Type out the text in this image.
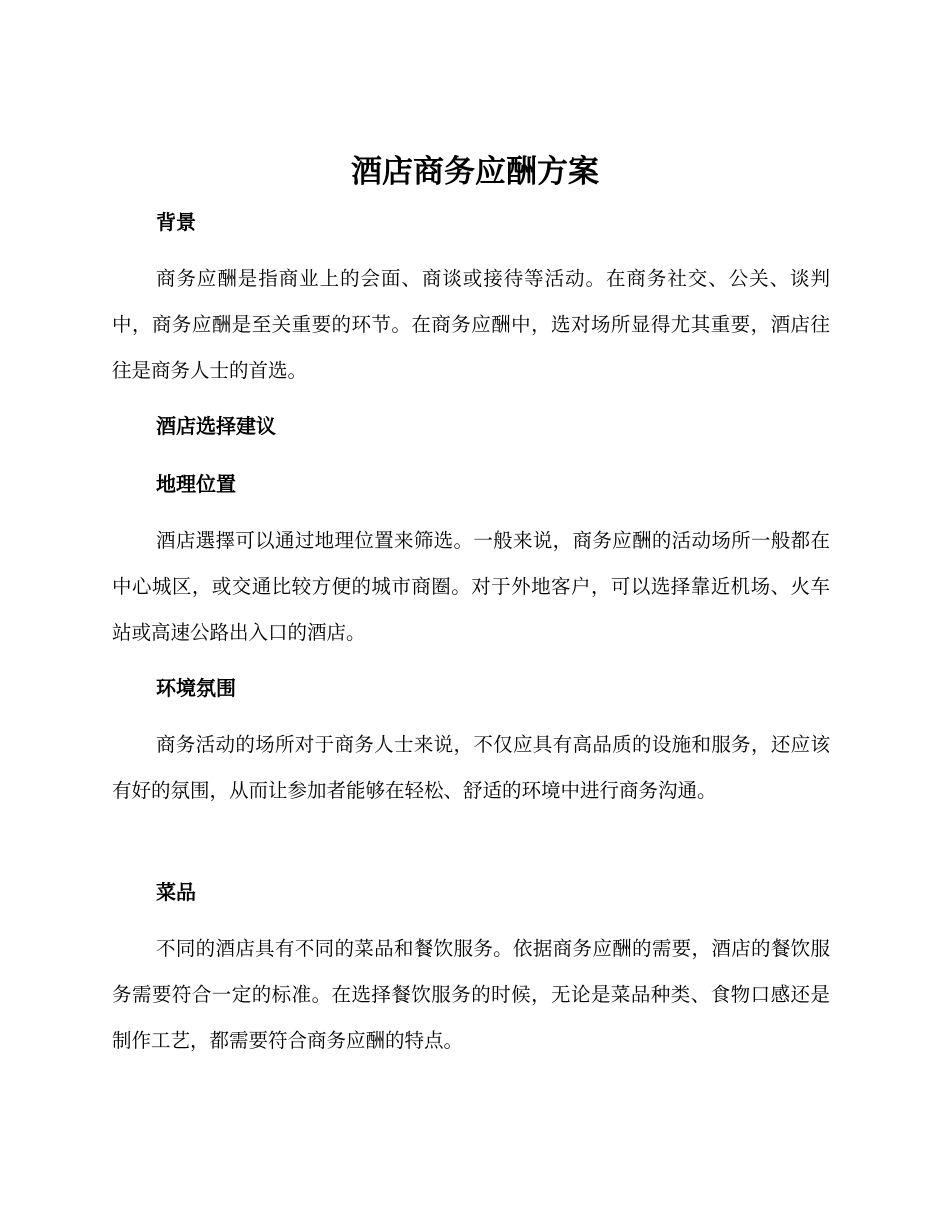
酒店商务应酬方案
背景

商务应酬是指商业上的会面、商谈或接待等活动。在商务社交、公关、谈判中，商务应酬是至关重要的环节。在商务应酬中，选对场所显得尤其重要，酒店往往是商务人士的首选。

酒店选择建议
地理位置

酒店選擇可以通过地理位置来筛选。一般来说，商务应酬的活动场所一般都在中心城区，或交通比较方便的城市商圈。对于外地客户，可以选择靠近机场、火车站或高速公路出入口的酒店。

环境氛围

商务活动的场所对于商务人士来说，不仅应具有高品质的设施和服务，还应该有好的氛围，从而让参加者能够在轻松、舒适的环境中进行商务沟通。

菜品

不同的酒店具有不同的菜品和餐饮服务。依据商务应酬的需要，酒店的餐饮服务需要符合一定的标准。在选择餐饮服务的时候，无论是菜品种类、食物口感还是制作工艺，都需要符合商务应酬的特点。
